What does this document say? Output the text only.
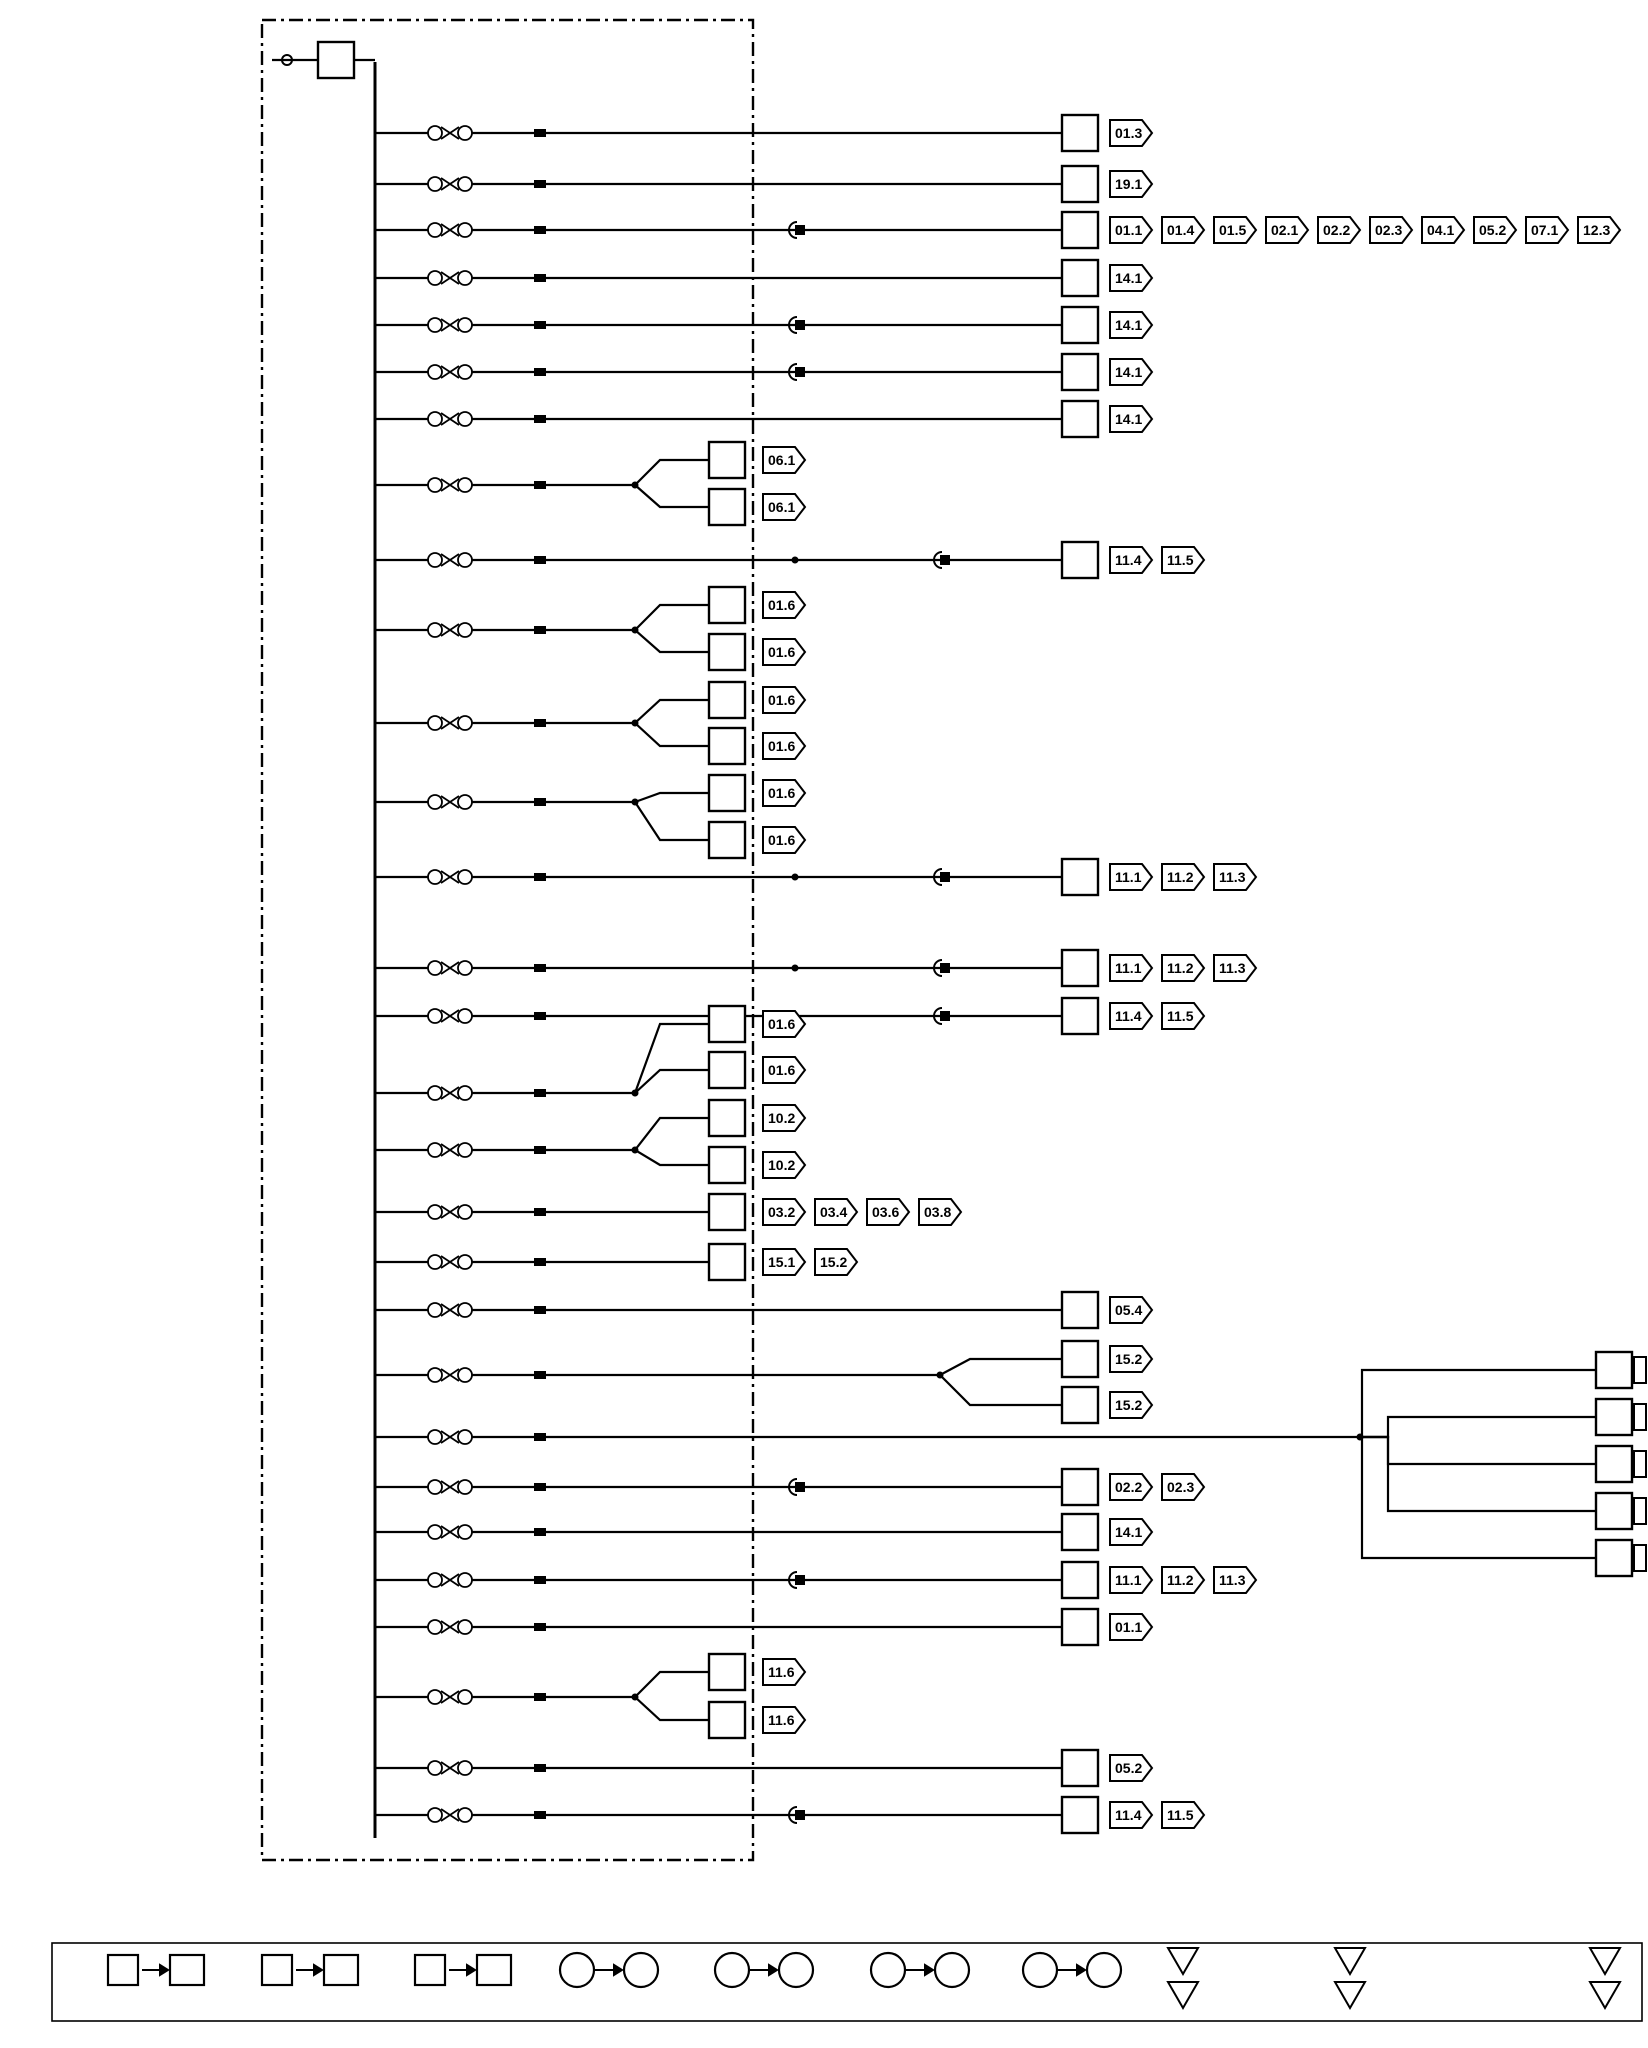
01.3
19.1
01.1 01.4 01.5 02.1 02.2 02.3 04.1 05.2 07.1 12.3
14.1
14.1
14.1
14.1
06.1
06.1
11.4 11.5
01.6
01.6
01.6
01.6
01.6
01.6
11.1 11.2 11.3
11.1 11.2 11.3
11.4 11.5
01.6
01.6
10.2
10.2
03.2 03.4 03.6 03.8
15.1 15.2
05.4
15.2
15.2
02.2 02.3
14.1
11.1 11.2 11.3
01.1
11.6
11.6
05.2
11.4 11.5
